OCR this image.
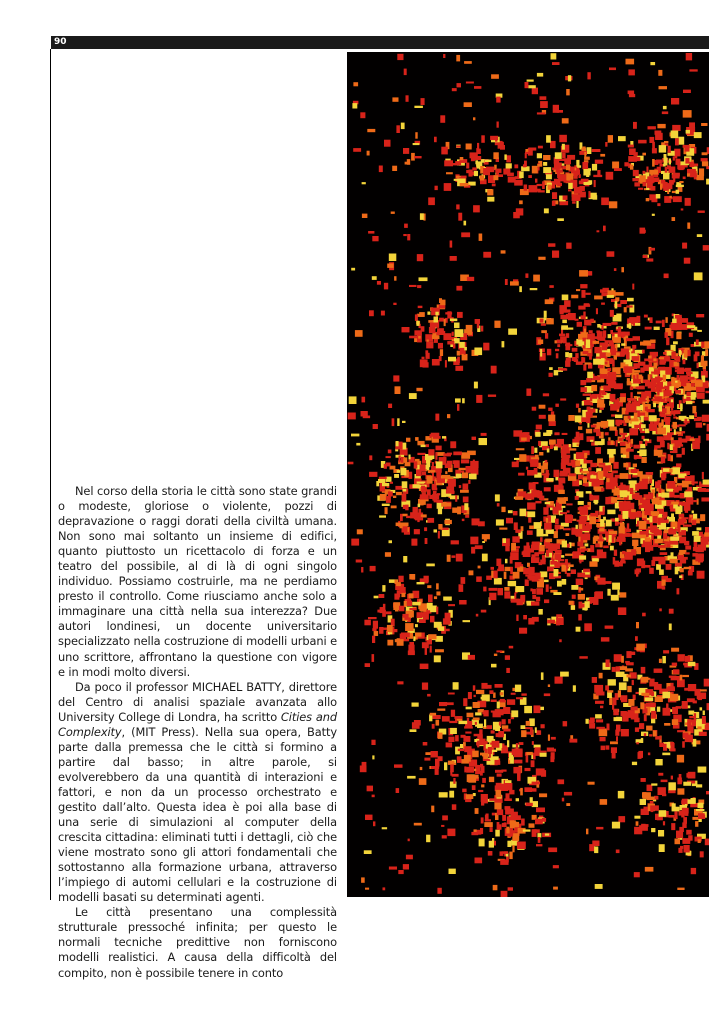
90

Nel corso della storia le città sono state grandi o modeste, gloriose o violente, pozzi di depravazione o raggi dorati della civiltà umana. Non sono mai soltanto un insieme di edifici, quanto piuttosto un ricettacolo di forza e un teatro del possibile, al di là di ogni singolo individuo. Possiamo costruirle, ma ne perdiamo presto il controllo. Come riusciamo anche solo a immaginare una città nella sua interezza? Due autori londinesi, un docente universitario specializzato nella costruzione di modelli urbani e uno scrittore, affrontano la questione con vigore e in modi molto diversi.

Da poco il professor MICHAEL BATTY, direttore del Centro di analisi spaziale avanzata allo University College di Londra, ha scritto Cities and Complexity, (MIT Press). Nella sua opera, Batty parte dalla premessa che le città si formino a partire dal basso; in altre parole, si evolverebbero da una quantità di interazioni e fattori, e non da un processo orchestrato e gestito dall’alto. Questa idea è poi alla base di una serie di simulazioni al computer della crescita cittadina: eliminati tutti i dettagli, ciò che viene mostrato sono gli attori fondamentali che sottostanno alla formazione urbana, attraverso l’impiego di automi cellulari e la costruzione di modelli basati su determinati agenti.

Le città presentano una complessità strutturale pressoché infinita; per questo le normali tecniche predittive non forniscono modelli realistici. A causa della difficoltà del compito, non è possibile tenere in conto
